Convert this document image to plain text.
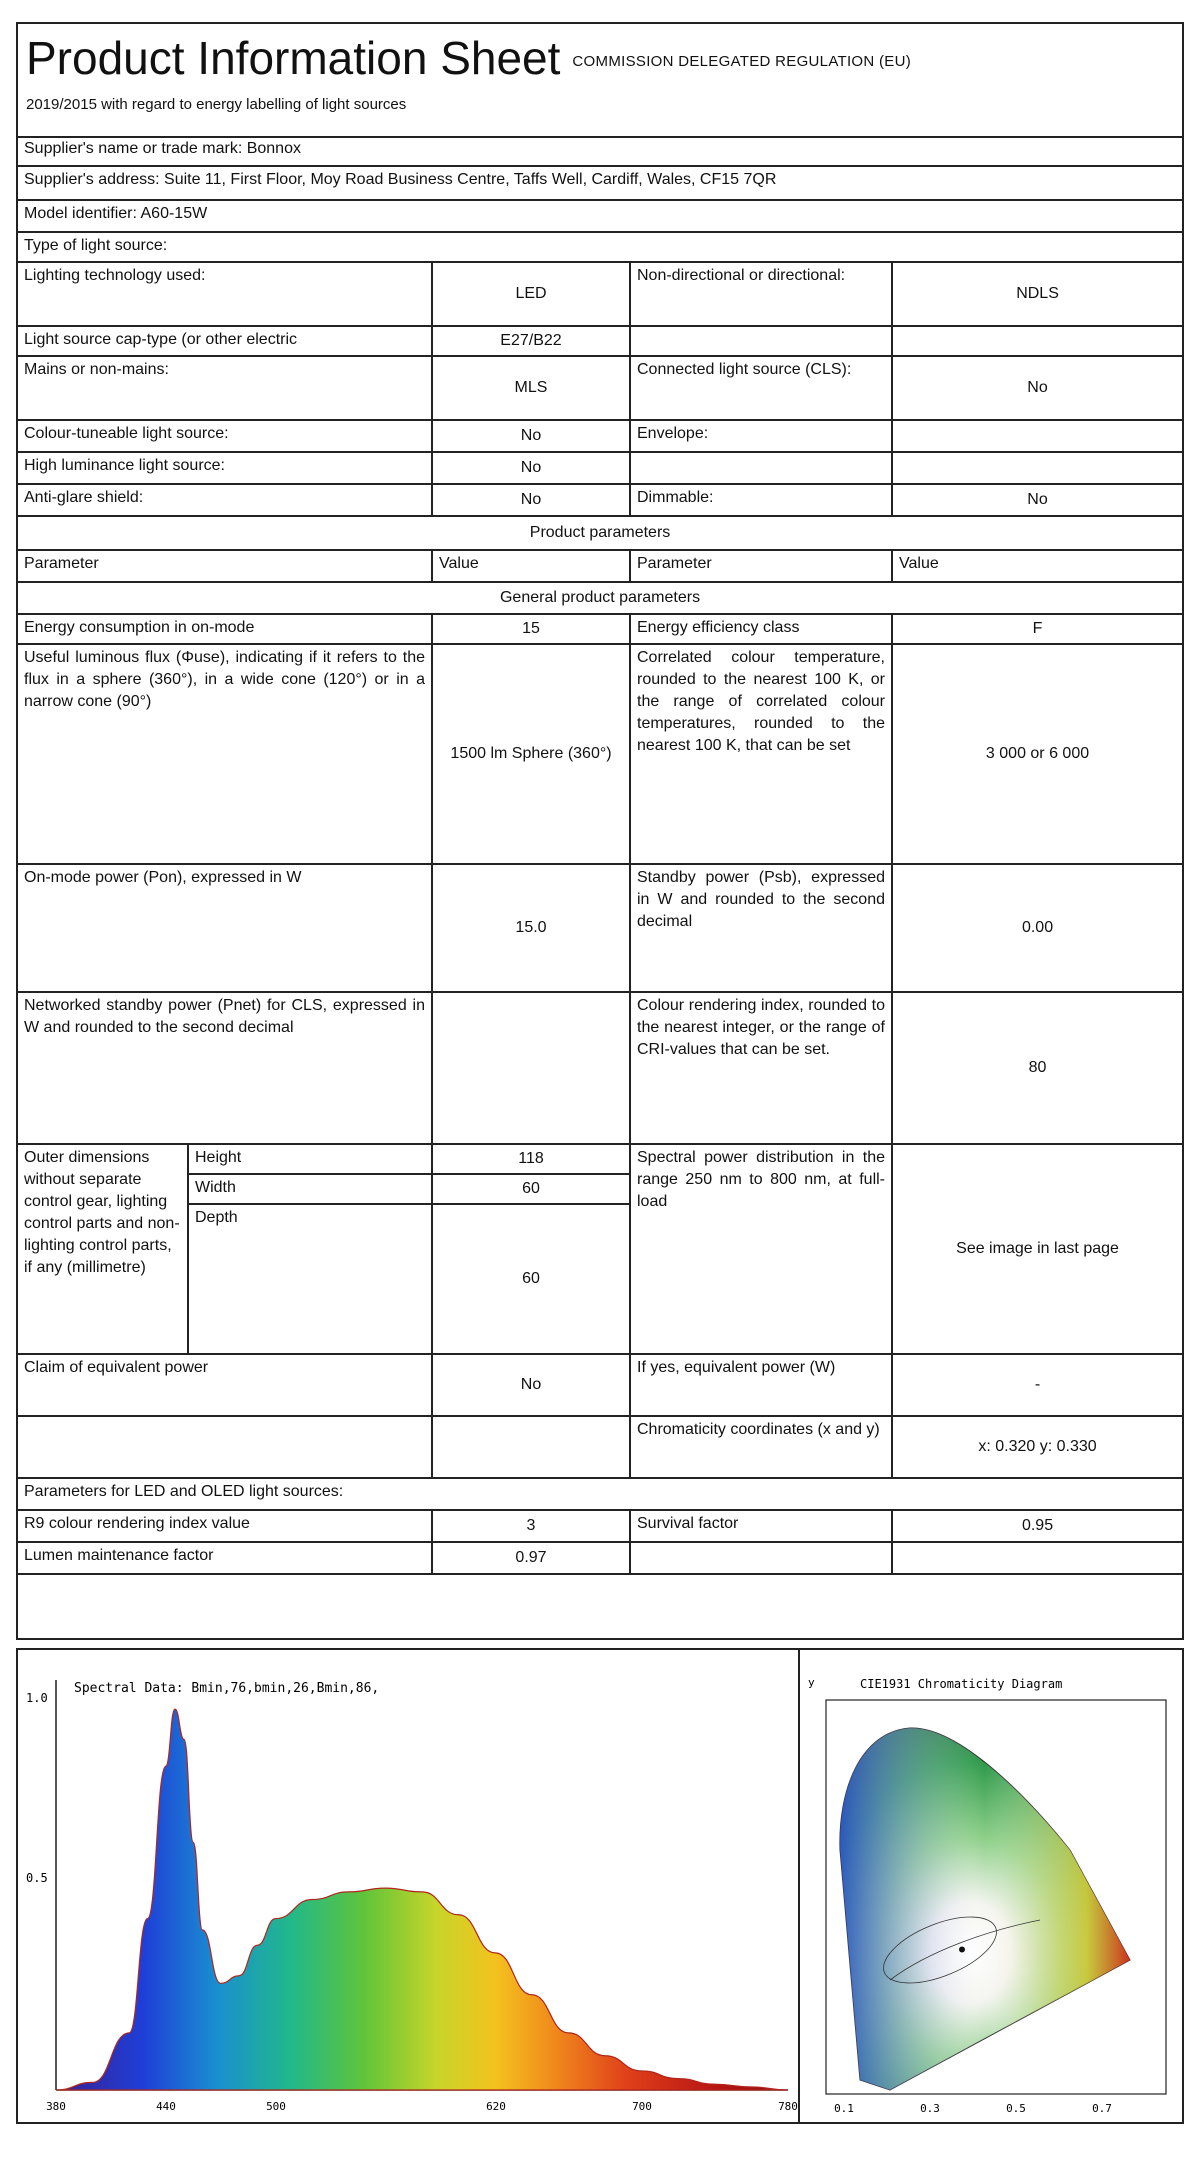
Product Information Sheet COMMISSION DELEGATED REGULATION (EU)
2019/2015 with regard to energy labelling of light sources
Supplier's name or trade mark: Bonnox				
Supplier's address: Suite 11, First Floor, Moy Road Business Centre, Taffs Well, Cardiff, Wales, CF15 7QR				
Model identifier: A60-15W				
Type of light source:				
Lighting technology used:		LED	Non-directional or directional:	NDLS
Light source cap-type (or other electric		E27/B22		
Mains or non-mains:		MLS	Connected light source (CLS):	No
Colour-tuneable light source:		No	Envelope:	
High luminance light source:		No		
Anti-glare shield:		No	Dimmable:	No
Product parameters				
Parameter		Value	Parameter	Value
General product parameters				
Energy consumption in on-mode		15	Energy efficiency class	F
Useful luminous flux (Φuse), indicating if it refers to the flux in a sphere (360°), in a wide cone (120°) or in a narrow cone (90°)		1500 lm Sphere (360°)	Correlated colour temperature, rounded to the nearest 100 K, or the range of correlated colour temperatures, rounded to the nearest 100 K, that can be set	3 000 or 6 000
On-mode power (Pon), expressed in W		15.0	Standby power (Psb), expressed in W and rounded to the second decimal	0.00
Networked standby power (Pnet) for CLS, expressed in W and rounded to the second decimal			Colour rendering index, rounded to the nearest integer, or the range of CRI-values that can be set.	80
Outer dimensions without separate control gear, lighting control parts and non-lighting control parts, if any (millimetre)	Height	118	Spectral power distribution in the range 250 nm to 800 nm, at full-load	See image in last page
	Width	60		
	Depth	60		
Claim of equivalent power		No	If yes, equivalent power (W)	-
			Chromaticity coordinates (x and y)	x: 0.320 y: 0.330
Parameters for LED and OLED light sources:				
R9 colour rendering index value		3	Survival factor	0.95
Lumen maintenance factor		0.97		
Spectral Data: Bmin,76,bmin,26,Bmin,86,
1.0
0.5
380	440	500	620	700	780
CIE1931 Chromaticity Diagram
y
0.1	0.3	0.5	0.7
